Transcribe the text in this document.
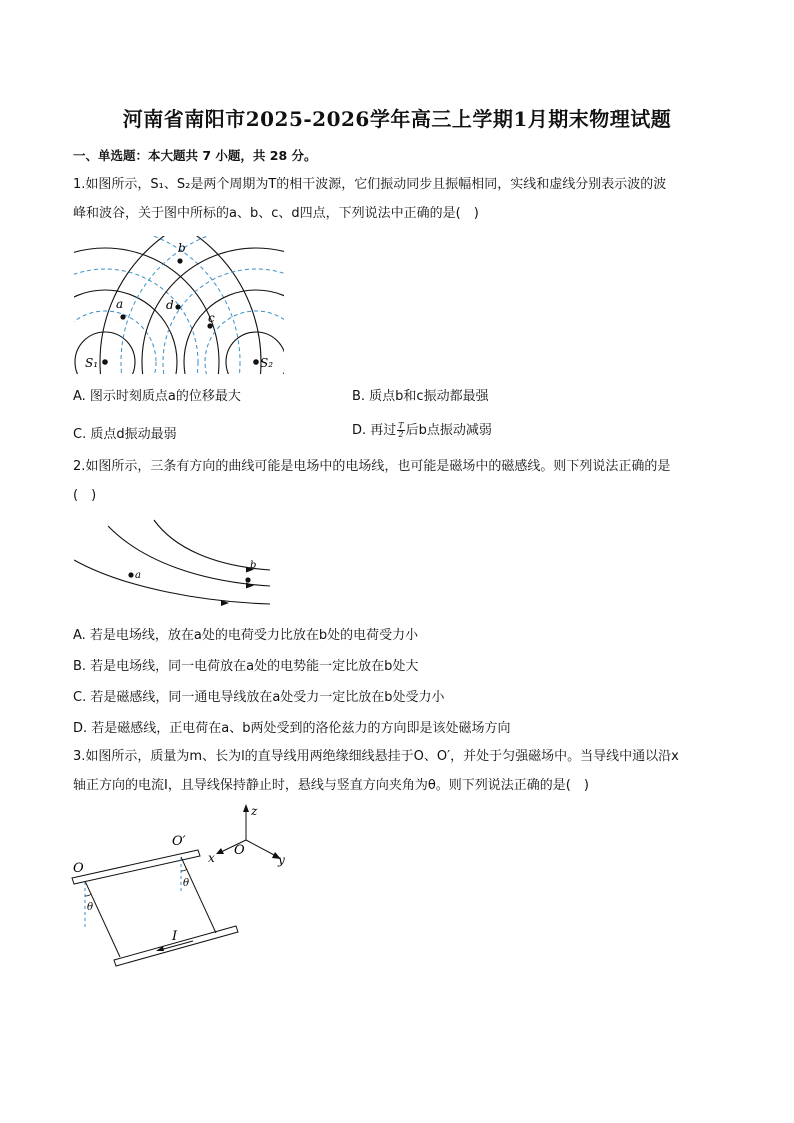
河南省南阳市2025-2026学年高三上学期1月期末物理试题
一、单选题：本大题共 7 小题，共 28 分。
1.如图所示，S₁、S₂是两个周期为T的相干波源，它们振动同步且振幅相同，实线和虚线分别表示波的波
峰和波谷，关于图中所标的a、b、c、d四点，下列说法中正确的是(　)
a
b
c
d
S₁	S₂
A. 图示时刻质点a的位移最大	B. 质点b和c振动都最强
C. 质点d振动最弱	D. 再过 $\frac{T}{2}$ 后b点振动减弱
2.如图所示，三条有方向的曲线可能是电场中的电场线，也可能是磁场中的磁感线。则下列说法正确的是
(　)
a
b
A. 若是电场线，放在a处的电荷受力比放在b处的电荷受力小
B. 若是电场线，同一电荷放在a处的电势能一定比放在b处大
C. 若是磁感线，同一通电导线放在a处受力一定比放在b处受力小
D. 若是磁感线，正电荷在a、b两处受到的洛伦兹力的方向即是该处磁场方向
3.如图所示，质量为m、长为l的直导线用两绝缘细线悬挂于O、O′，并处于匀强磁场中。当导线中通以沿x
轴正方向的电流I，且导线保持静止时，悬线与竖直方向夹角为θ。则下列说法正确的是(　)
O
O′
θ
θ
I
O
x	y
z
